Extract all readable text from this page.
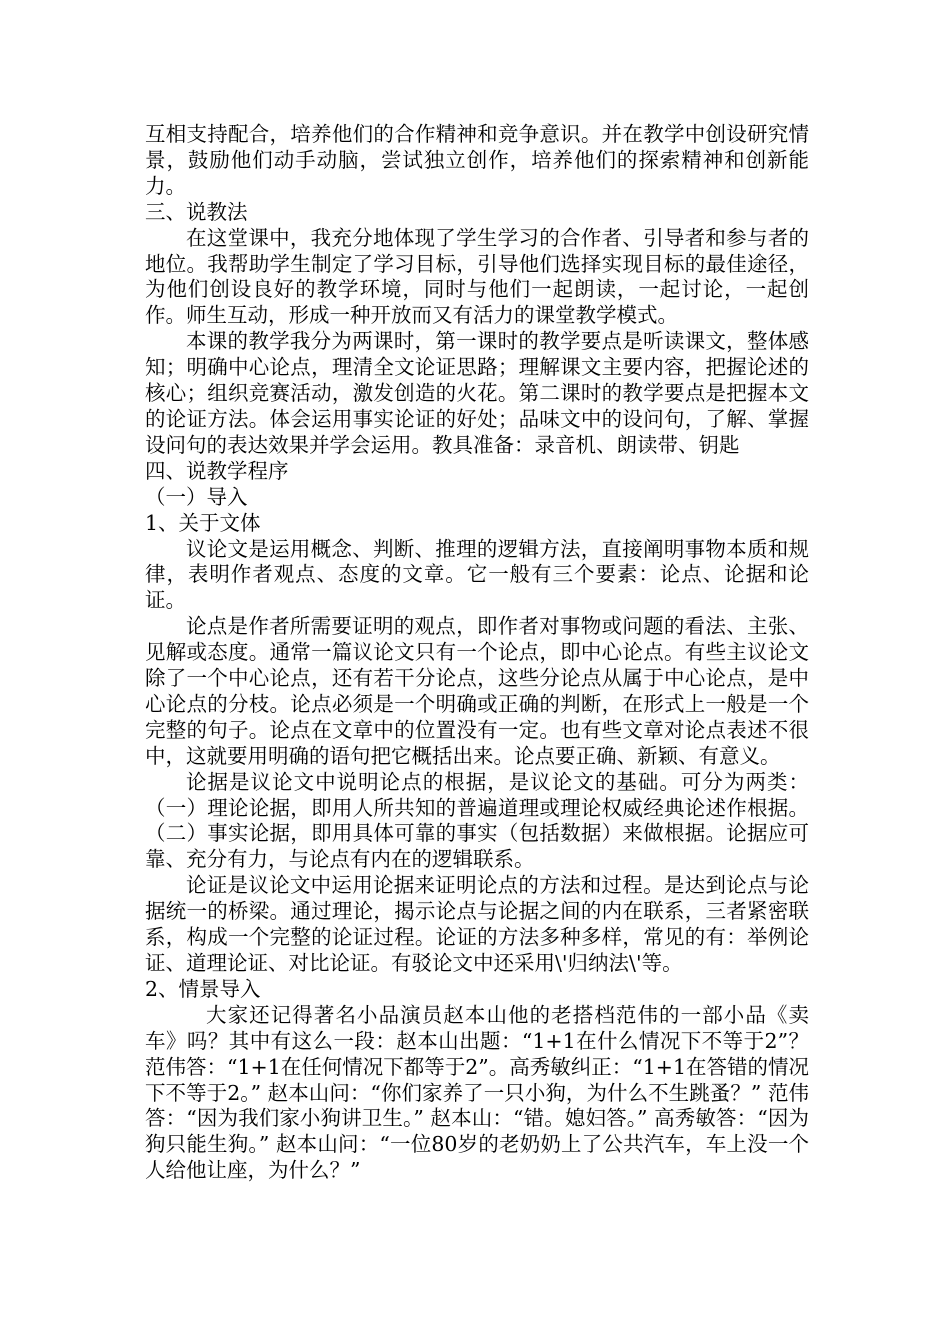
互相支持配合，培养他们的合作精神和竞争意识。并在教学中创设研究情景，鼓励他们动手动脑，尝试独立创作，培养他们的探索精神和创新能力。

三、说教法

在这堂课中，我充分地体现了学生学习的合作者、引导者和参与者的地位。我帮助学生制定了学习目标，引导他们选择实现目标的最佳途径，为他们创设良好的教学环境，同时与他们一起朗读，一起讨论，一起创作。师生互动，形成一种开放而又有活力的课堂教学模式。

本课的教学我分为两课时，第一课时的教学要点是听读课文，整体感知；明确中心论点，理清全文论证思路；理解课文主要内容，把握论述的核心；组织竞赛活动，激发创造的火花。第二课时的教学要点是把握本文的论证方法。体会运用事实论证的好处；品味文中的设问句，了解、掌握设问句的表达效果并学会运用。教具准备：录音机、朗读带、钥匙

四、说教学程序

（一）导入

1、关于文体

议论文是运用概念、判断、推理的逻辑方法，直接阐明事物本质和规律，表明作者观点、态度的文章。它一般有三个要素：论点、论据和论证。

论点是作者所需要证明的观点，即作者对事物或问题的看法、主张、见解或态度。通常一篇议论文只有一个论点，即中心论点。有些主议论文除了一个中心论点，还有若干分论点，这些分论点从属于中心论点，是中心论点的分枝。论点必须是一个明确或正确的判断，在形式上一般是一个完整的句子。论点在文章中的位置没有一定。也有些文章对论点表述不很中，这就要用明确的语句把它概括出来。论点要正确、新颖、有意义。

论据是议论文中说明论点的根据，是议论文的基础。可分为两类：（一）理论论据，即用人所共知的普遍道理或理论权威经典论述作根据。（二）事实论据，即用具体可靠的事实（包括数据）来做根据。论据应可靠、充分有力，与论点有内在的逻辑联系。

论证是议论文中运用论据来证明论点的方法和过程。是达到论点与论据统一的桥梁。通过理论，揭示论点与论据之间的内在联系，三者紧密联系，构成一个完整的论证过程。论证的方法多种多样，常见的有：举例论证、道理论证、对比论证。有驳论文中还采用\'归纳法\'等。

2、情景导入

大家还记得著名小品演员赵本山他的老搭档范伟的一部小品《卖车》吗？其中有这么一段：赵本山出题：“1+1在什么情况下不等于2”？范伟答：“1+1在任何情况下都等于2”。高秀敏纠正：“1+1在答错的情况下不等于2。” 赵本山问：“你们家养了一只小狗，为什么不生跳蚤？” 范伟答：“因为我们家小狗讲卫生。” 赵本山：“错。媳妇答。” 高秀敏答：“因为狗只能生狗。” 赵本山问：“一位80岁的老奶奶上了公共汽车，车上没一个人给他让座，为什么？”
